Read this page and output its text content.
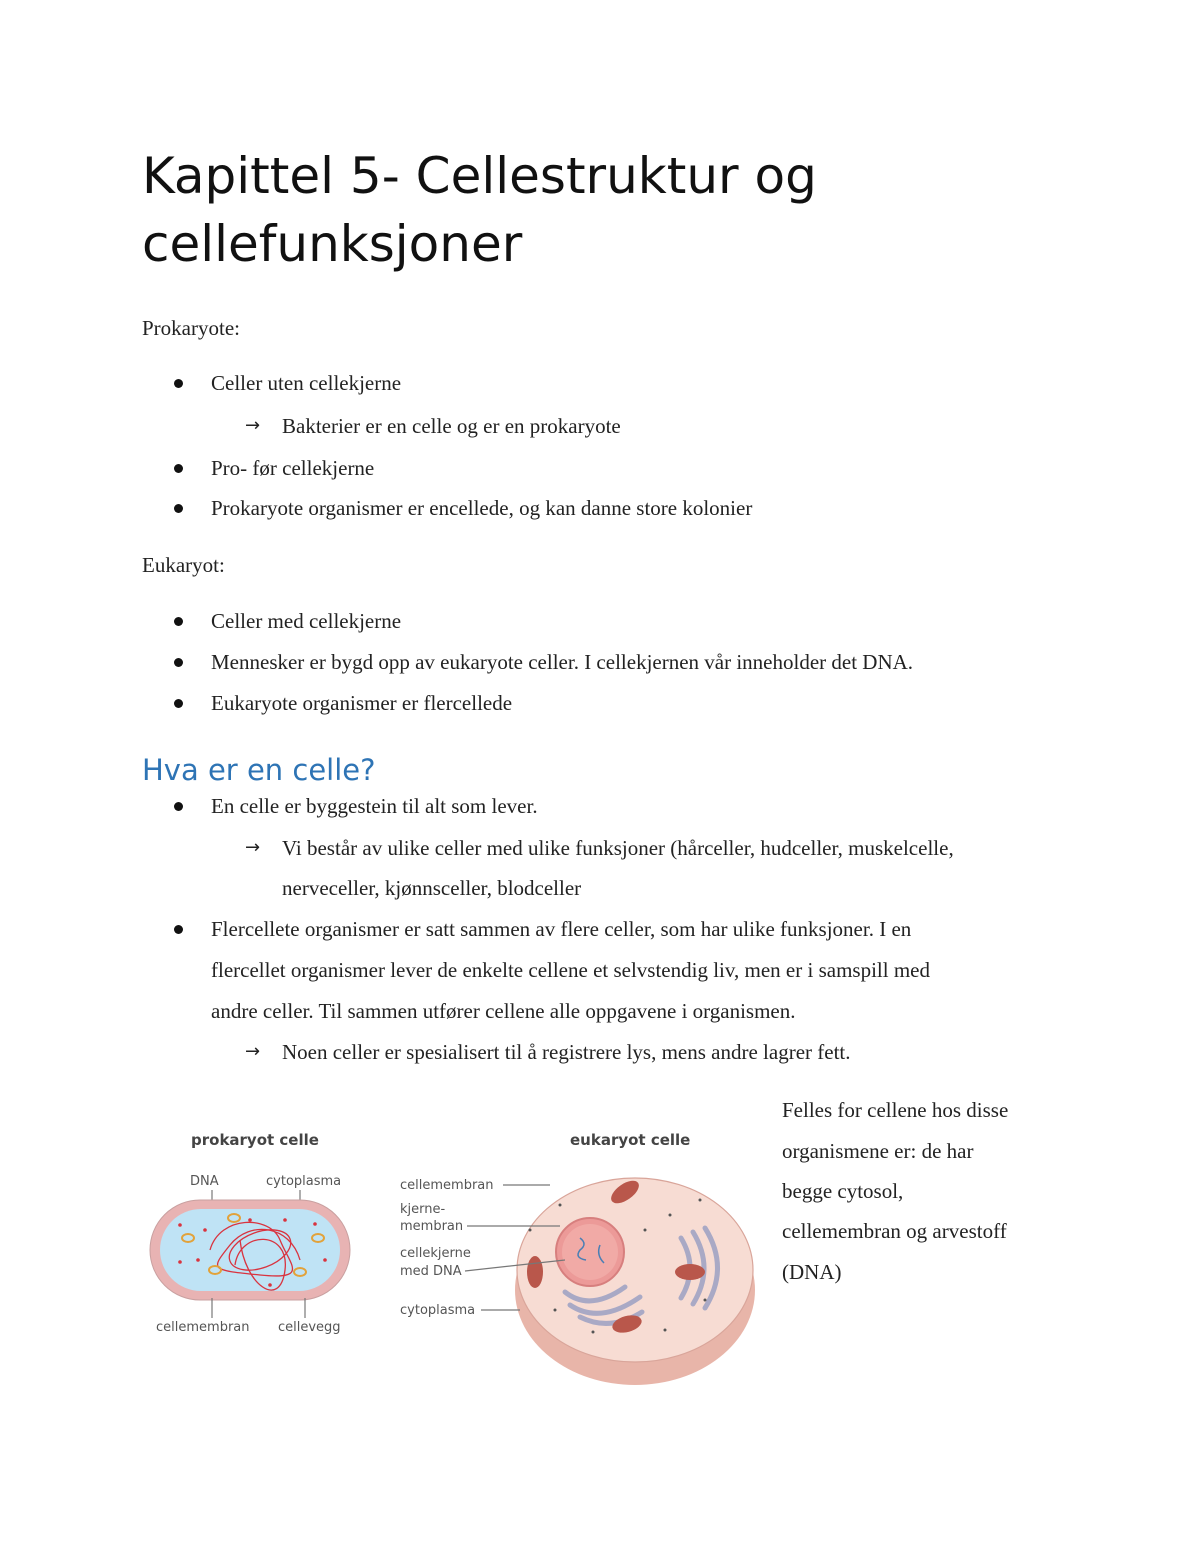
Kapittel 5- Cellestruktur og cellefunksjoner
Prokaryote:
Celler uten cellekjerne
→ Bakterier er en celle og er en prokaryote
Pro- før cellekjerne
Prokaryote organismer er encellede, og kan danne store kolonier
Eukaryot:
Celler med cellekjerne
Mennesker er bygd opp av eukaryote celler. I cellekjernen vår inneholder det DNA.
Eukaryote organismer er flercellede
Hva er en celle?
En celle er byggestein til alt som lever.
→ Vi består av ulike celler med ulike funksjoner (hårceller, hudceller, muskelcelle,
nerveceller, kjønnsceller, blodceller
Flercellete organismer er satt sammen av flere celler, som har ulike funksjoner. I en
flercellet organismer lever de enkelte cellene et selvstendig liv, men er i samspill med
andre celler. Til sammen utfører cellene alle oppgavene i organismen.
→ Noen celler er spesialisert til å registrere lys, mens andre lagrer fett.
Felles for cellene hos disse
organismene er: de har
begge cytosol,
cellemembran og arvestoff
(DNA)
prokaryot celle
DNA	cytoplasma
cellemembran cellevegg
eukaryot celle
cellemembran
kjerne-
membran
cellekjerne
med DNA
cytoplasma
